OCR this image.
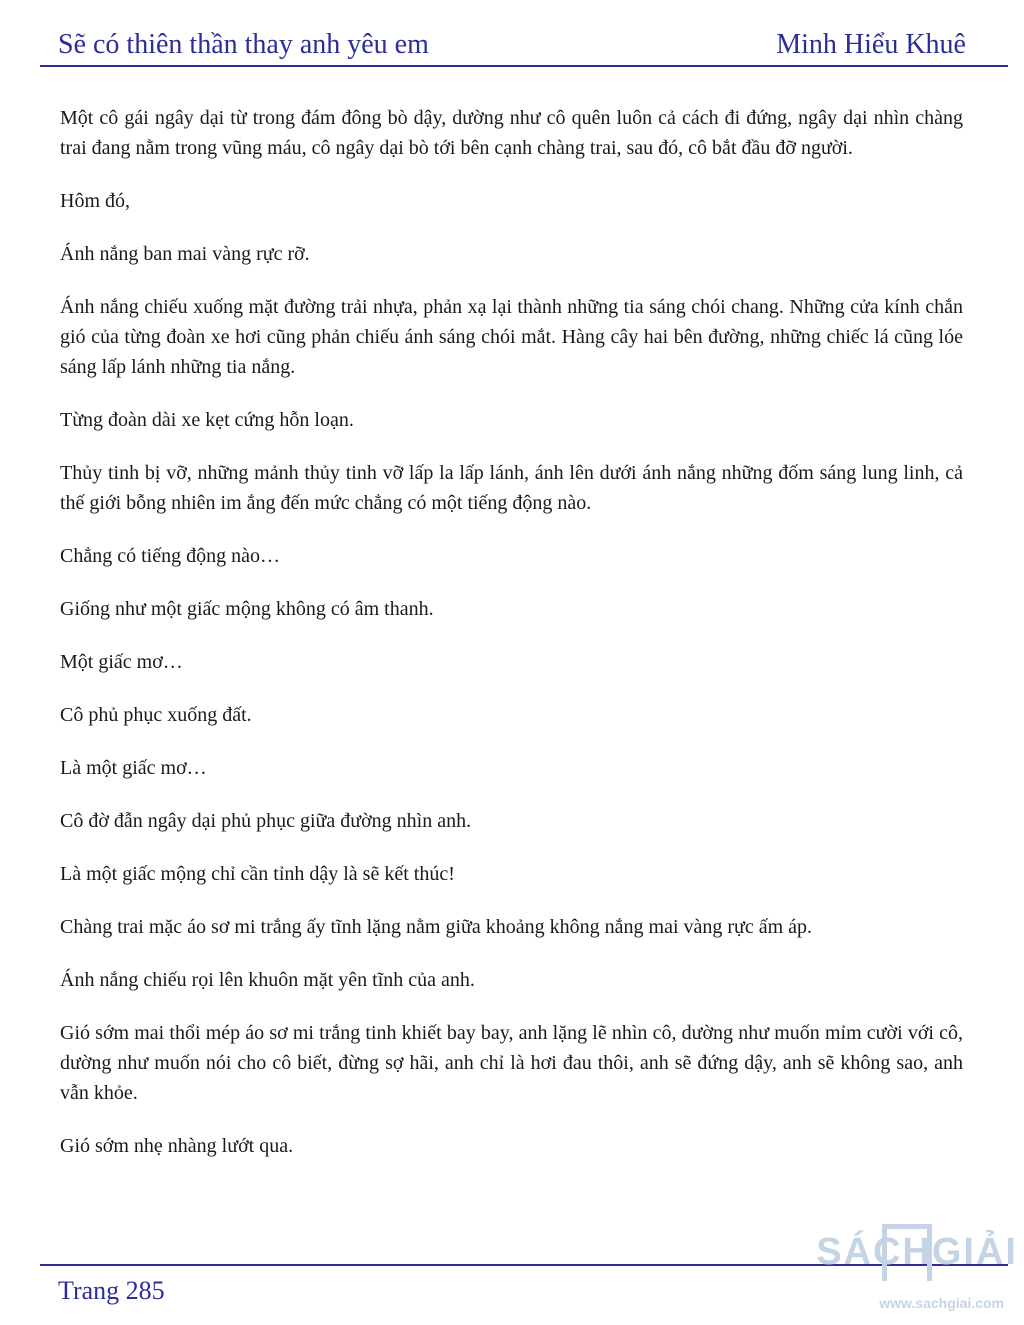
Sẽ có thiên thần thay anh yêu em	Minh Hiểu Khuê

Một cô gái ngây dại từ trong đám đông bò dậy, dường như cô quên luôn cả cách đi đứng, ngây dại nhìn chàng trai đang nằm trong vũng máu, cô ngây dại bò tới bên cạnh chàng trai, sau đó, cô bắt đầu đỡ người.

Hôm đó,

Ánh nắng ban mai vàng rực rỡ.

Ánh nắng chiếu xuống mặt đường trải nhựa, phản xạ lại thành những tia sáng chói chang. Những cửa kính chắn gió của từng đoàn xe hơi cũng phản chiếu ánh sáng chói mắt. Hàng cây hai bên đường, những chiếc lá cũng lóe sáng lấp lánh những tia nắng.

Từng đoàn dài xe kẹt cứng hỗn loạn.

Thủy tinh bị vỡ, những mảnh thủy tinh vỡ lấp la lấp lánh, ánh lên dưới ánh nắng những đốm sáng lung linh, cả thế giới bỗng nhiên im ắng đến mức chẳng có một tiếng động nào.

Chẳng có tiếng động nào…

Giống như một giấc mộng không có âm thanh.

Một giấc mơ…

Cô phủ phục xuống đất.

Là một giấc mơ…

Cô đờ đẫn ngây dại phủ phục giữa đường nhìn anh.

Là một giấc mộng chỉ cần tỉnh dậy là sẽ kết thúc!

Chàng trai mặc áo sơ mi trắng ấy tĩnh lặng nằm giữa khoảng không nắng mai vàng rực ấm áp.

Ánh nắng chiếu rọi lên khuôn mặt yên tĩnh của anh.

Gió sớm mai thổi mép áo sơ mi trắng tinh khiết bay bay, anh lặng lẽ nhìn cô, dường như muốn mỉm cười với cô, dường như muốn nói cho cô biết, đừng sợ hãi, anh chỉ là hơi đau thôi, anh sẽ đứng dậy, anh sẽ không sao, anh vẫn khỏe.

Gió sớm nhẹ nhàng lướt qua.

Trang 285
SÁCHGIẢI
www.sachgiai.com
